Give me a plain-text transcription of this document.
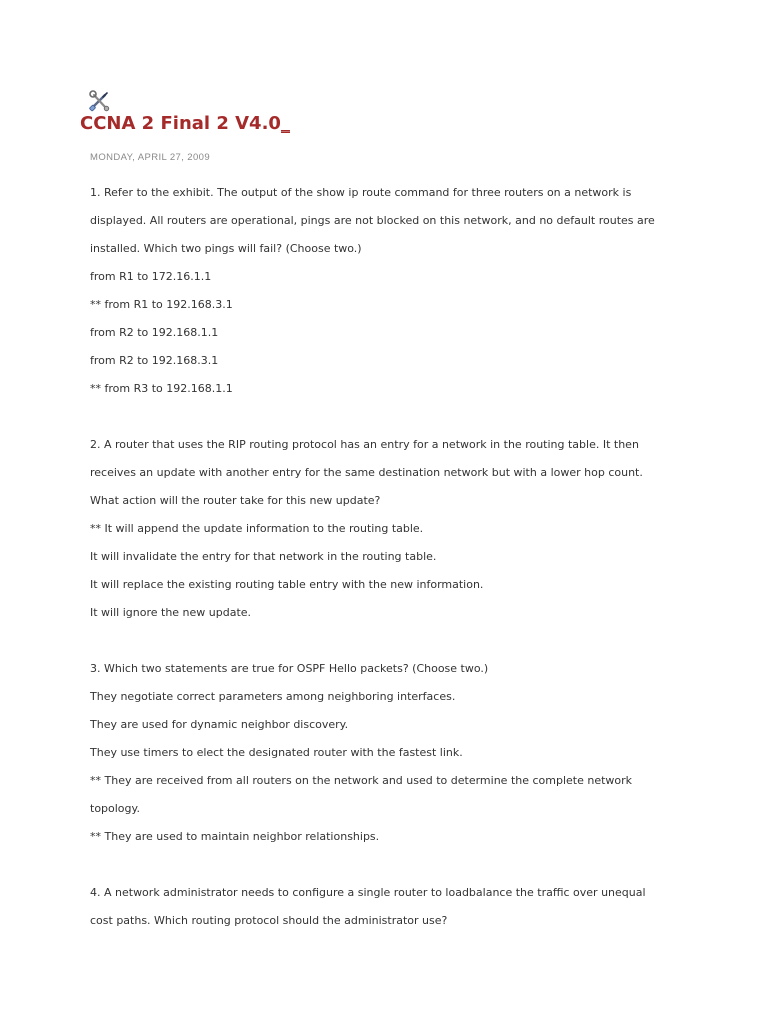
CCNA 2 Final 2 V4.0_
MONDAY, APRIL 27, 2009
1. Refer to the exhibit. The output of the show ip route command for three routers on a network is
displayed. All routers are operational, pings are not blocked on this network, and no default routes are
installed. Which two pings will fail? (Choose two.)
from R1 to 172.16.1.1
** from R1 to 192.168.3.1
from R2 to 192.168.1.1
from R2 to 192.168.3.1
** from R3 to 192.168.1.1
2. A router that uses the RIP routing protocol has an entry for a network in the routing table. It then
receives an update with another entry for the same destination network but with a lower hop count.
What action will the router take for this new update?
** It will append the update information to the routing table.
It will invalidate the entry for that network in the routing table.
It will replace the existing routing table entry with the new information.
It will ignore the new update.
3. Which two statements are true for OSPF Hello packets? (Choose two.)
They negotiate correct parameters among neighboring interfaces.
They are used for dynamic neighbor discovery.
They use timers to elect the designated router with the fastest link.
** They are received from all routers on the network and used to determine the complete network
topology.
** They are used to maintain neighbor relationships.
4. A network administrator needs to configure a single router to loadbalance the traffic over unequal
cost paths. Which routing protocol should the administrator use?
